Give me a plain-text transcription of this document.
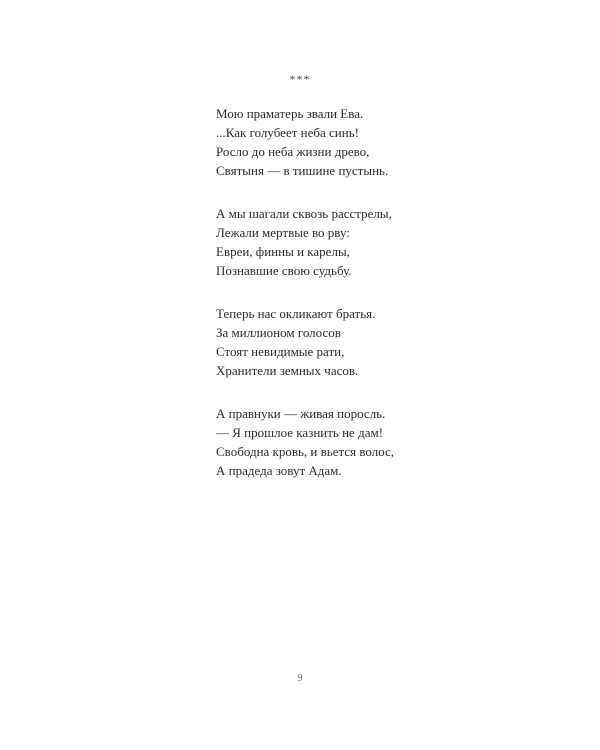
***
Мою праматерь звали Ева.
...Как голубеет неба синь!
Росло до неба жизни древо,
Святыня — в тишине пустынь.
А мы шагали сквозь расстрелы,
Лежали мертвые во рву:
Евреи, финны и карелы,
Познавшие свою судьбу.
Теперь нас окликают братья.
За миллионом голосов
Стоят невидимые рати,
Хранители земных часов.
А правнуки — живая поросль.
— Я прошлое казнить не дам!
Свободна кровь, и вьется волос,
А прадеда зовут Адам.
9
